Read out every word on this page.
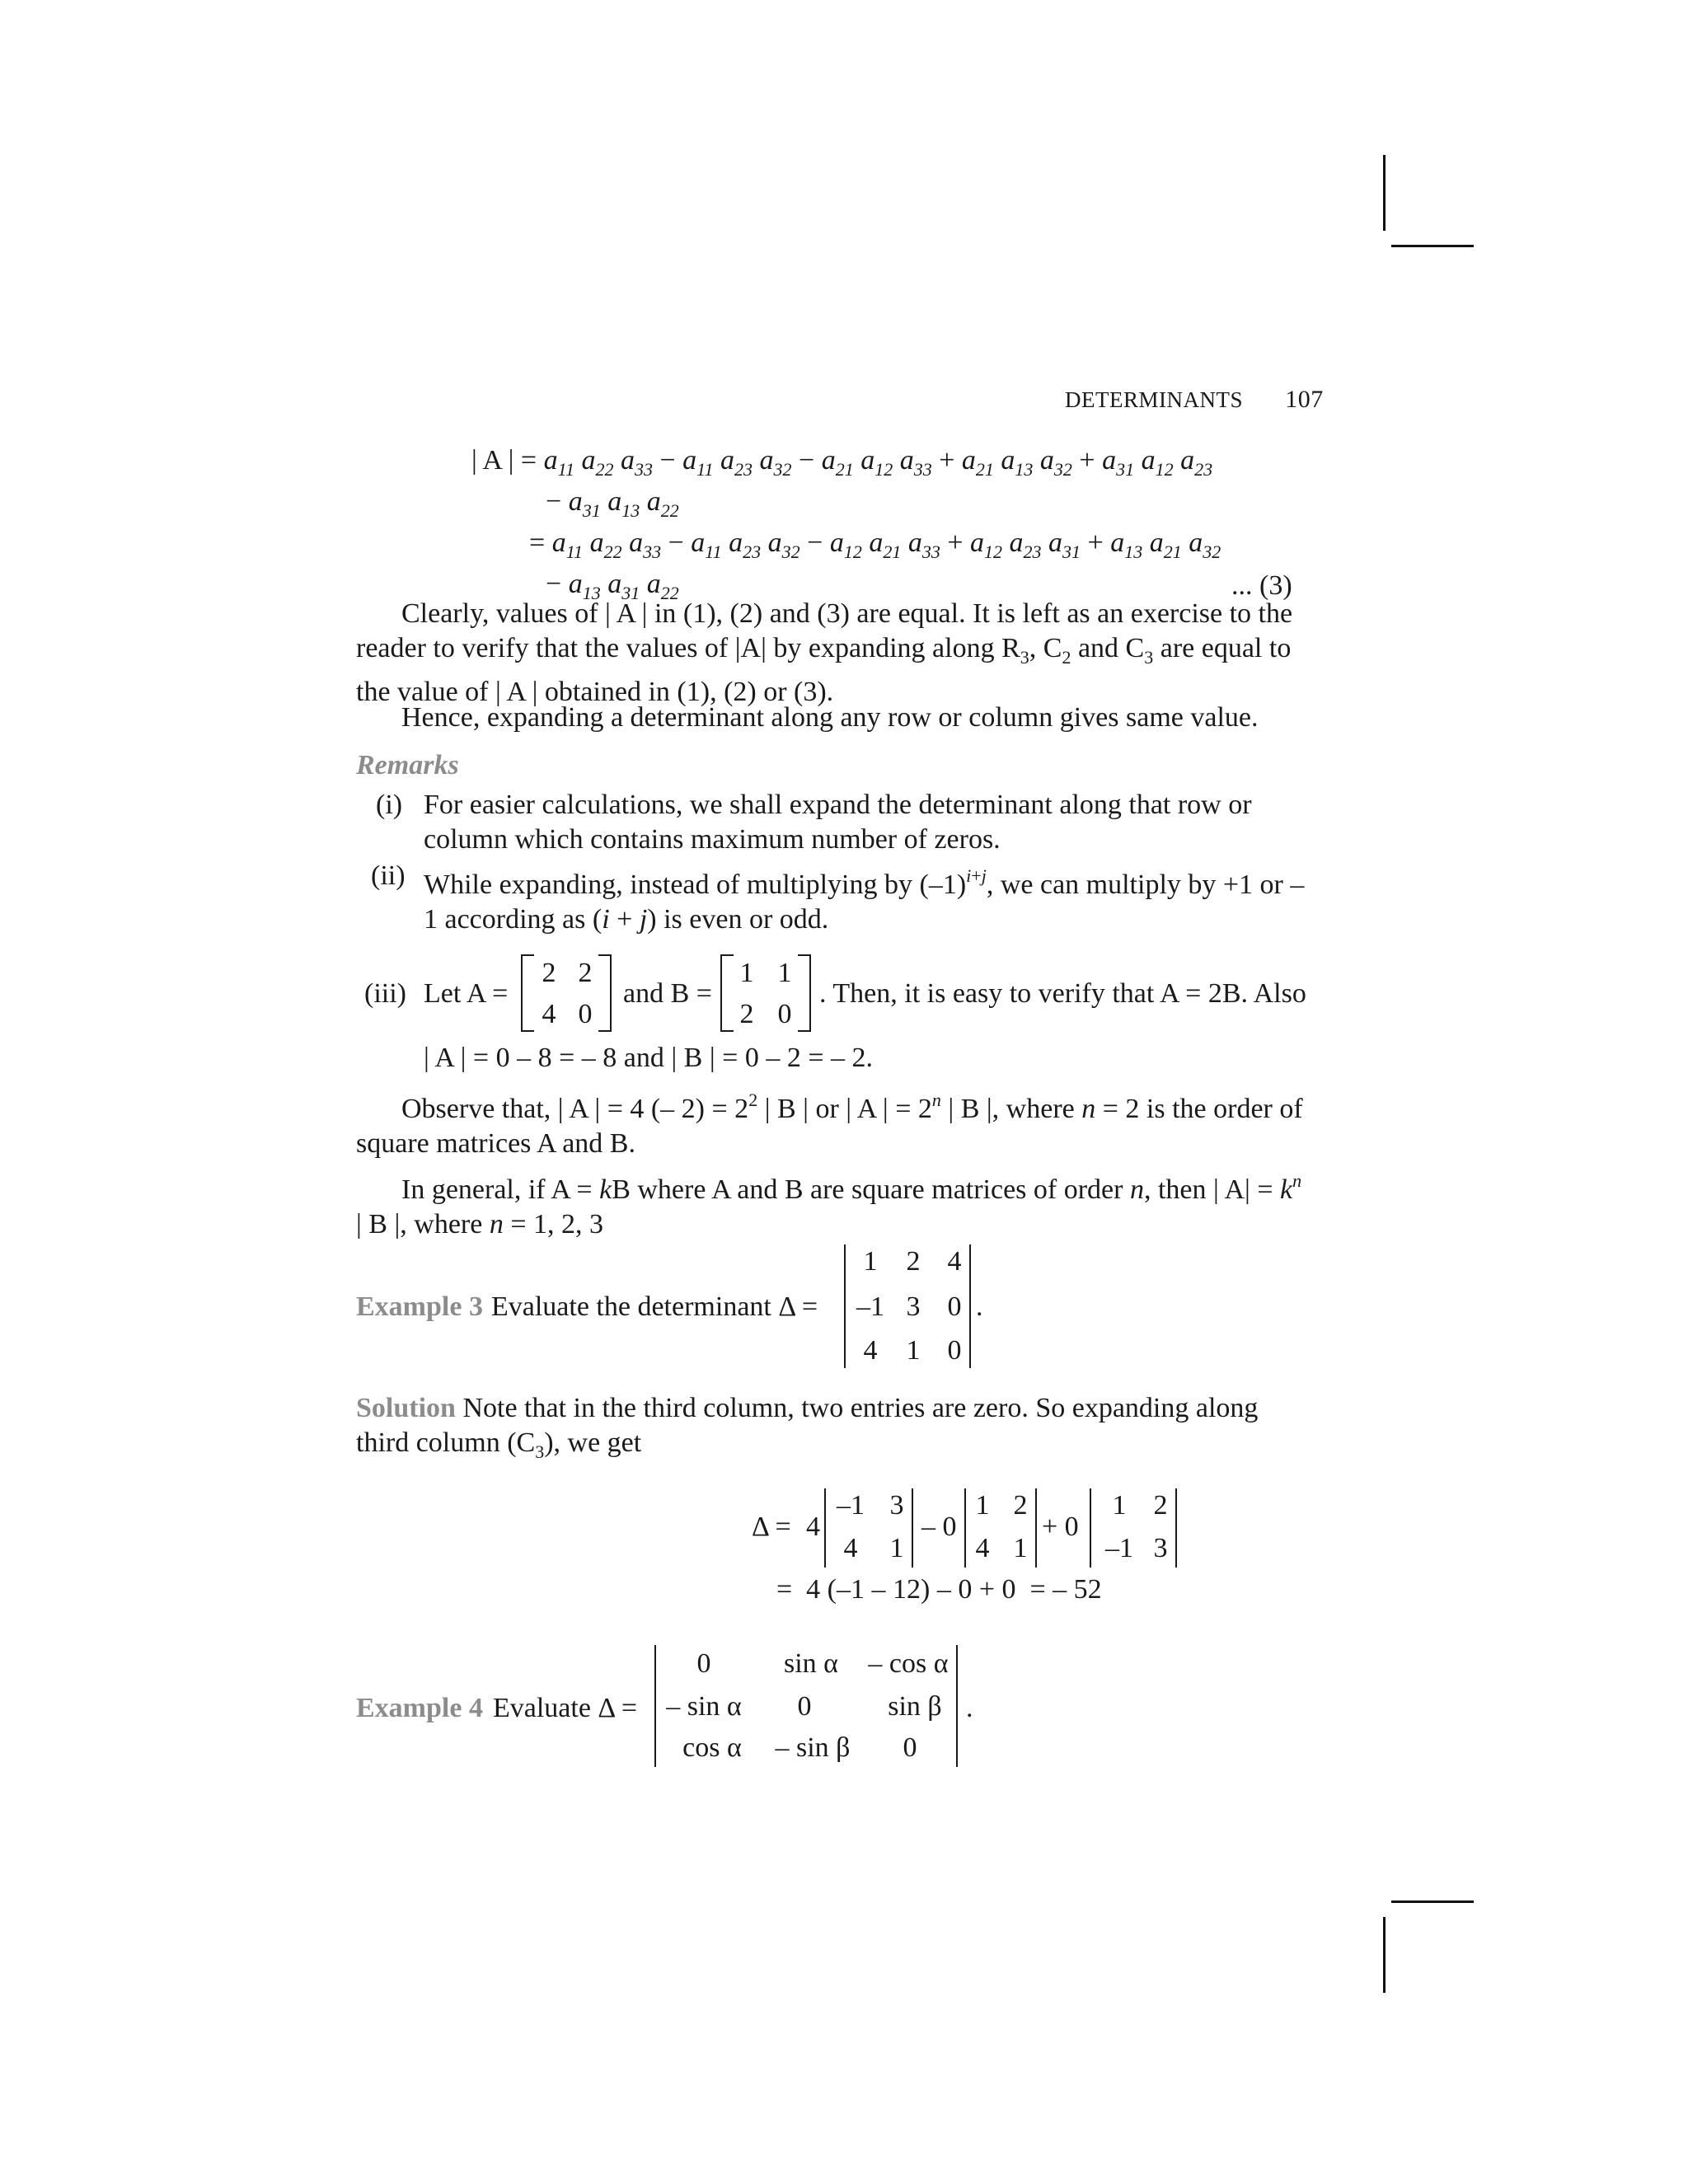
DETERMINANTS 107
| A | = $a_{11}$ $a_{22}$ $a_{33} - a_{11}$ $a_{23}$ $a_{32} - a_{21}$ $a_{12}$ $a_{33} + a_{21}$ $a_{13}$ $a_{32} + a_{31}$ $a_{12}$ $a_{23}$
− $a_{31}$ $a_{13}$ $a_{22}$
= $a_{11}$ $a_{22}$ $a_{33} - a_{11}$ $a_{23}$ $a_{32} - a_{12}$ $a_{21}$ $a_{33} + a_{12}$ $a_{23}$ $a_{31} + a_{13}$ $a_{21}$ $a_{32}$
− $a_{13}$ $a_{31}$ $a_{22}$	... (3)
Clearly, values of | A | in (1), (2) and (3) are equal. It is left as an exercise to the reader to verify that the values of |A| by expanding along $R_3$, $C_2$ and $C_3$ are equal to the value of | A | obtained in (1), (2) or (3).
Hence, expanding a determinant along any row or column gives same value.
Remarks
(i) For easier calculations, we shall expand the determinant along that row or column which contains maximum number of zeros.
(ii) While expanding, instead of multiplying by $(-1)^{i+j}$, we can multiply by +1 or –1 according as (i + j) is even or odd.
(iii) Let A =
2 2
4 0
and B =
1 1
2 0
. Then, it is easy to verify that A = 2B. Also
| A | = 0 – 8 = – 8 and | B | = 0 – 2 = – 2.
Observe that, | A | = 4 (– $2) = 2^2$ | B | or | A | = $2^n$ | B |, where n = 2 is the order of square matrices A and B.
In general, if A = kB where A and B are square matrices of order n, then | $A| = k^n$ | B |, where n = 1, 2, 3
Example 3 Evaluate the determinant Δ =
1	2 4
–1 3 0
4	1 0
.
Solution Note that in the third column, two entries are zero. So expanding along third column $(C_3)$, we get
Δ = 4
–1 3
4	1
– 0
1 2
4 1
+ 0
1 2
–1 3
=  4 (–1 – 12) – 0 + 0  = – 52
Example 4 Evaluate Δ =
0	sin α	– cos α
– sin α	0	sin β
cos α	– sin β	0
.
